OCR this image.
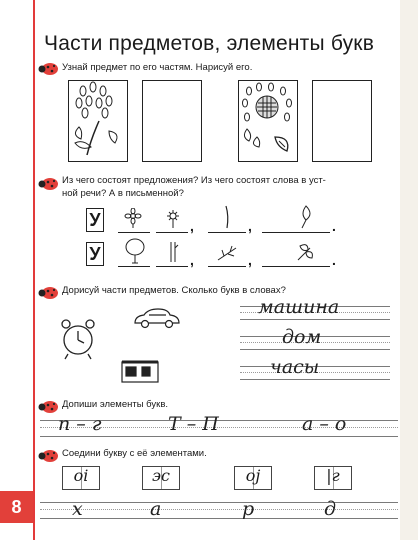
Части предметов, элементы букв
Узнай предмет по его частям. Нарисуй его.
Из чего состоят предложения? Из чего состоят слова в уст-
ной речи? А в письменной?
У	,	,	.
У	,	,	.
Дорисуй части предметов. Сколько букв в словах?
машина
дом
часы
Допиши элементы букв.
п – г	Т – П	а – о
Соедини букву с её элементами.
оi	эс	оj	|г
х	а	р	д
8
